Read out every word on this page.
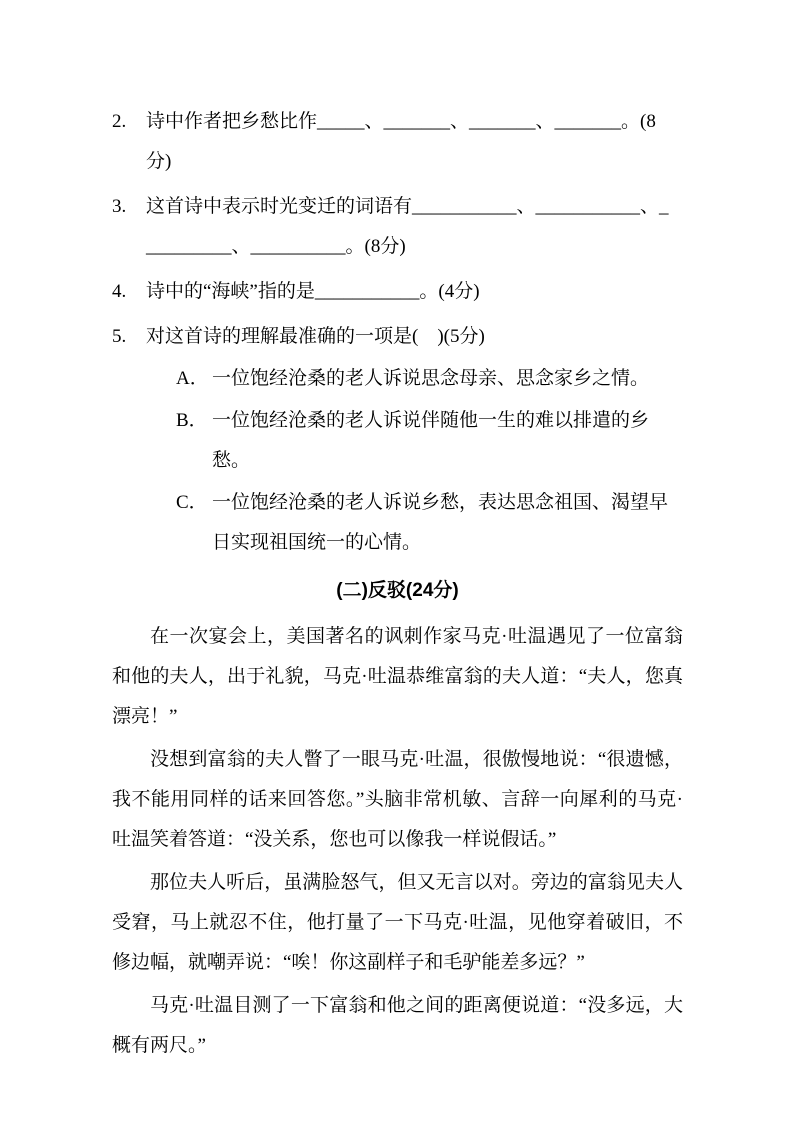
2. 诗中作者把乡愁比作_____、_______、_______、_______。(8
分)
3. 这首诗中表示时光变迁的词语有___________、___________、_
_________、__________。(8分)
4. 诗中的“海峡”指的是___________。(4分)
5. 对这首诗的理解最准确的一项是(　)(5分)
A． 一位饱经沧桑的老人诉说思念母亲、思念家乡之情。
B． 一位饱经沧桑的老人诉说伴随他一生的难以排遣的乡愁。
C． 一位饱经沧桑的老人诉说乡愁，表达思念祖国、渴望早日实现祖国统一的心情。
(二)反驳(24分)

在一次宴会上，美国著名的讽刺作家马克·吐温遇见了一位富翁和他的夫人，出于礼貌，马克·吐温恭维富翁的夫人道：“夫人，您真漂亮！”

没想到富翁的夫人瞥了一眼马克·吐温，很傲慢地说：“很遗憾，我不能用同样的话来回答您。”头脑非常机敏、言辞一向犀利的马克·吐温笑着答道：“没关系，您也可以像我一样说假话。”

那位夫人听后，虽满脸怒气，但又无言以对。旁边的富翁见夫人受窘，马上就忍不住，他打量了一下马克·吐温，见他穿着破旧，不修边幅，就嘲弄说：“唉！你这副样子和毛驴能差多远？”

马克·吐温目测了一下富翁和他之间的距离便说道：“没多远，大概有两尺。”
